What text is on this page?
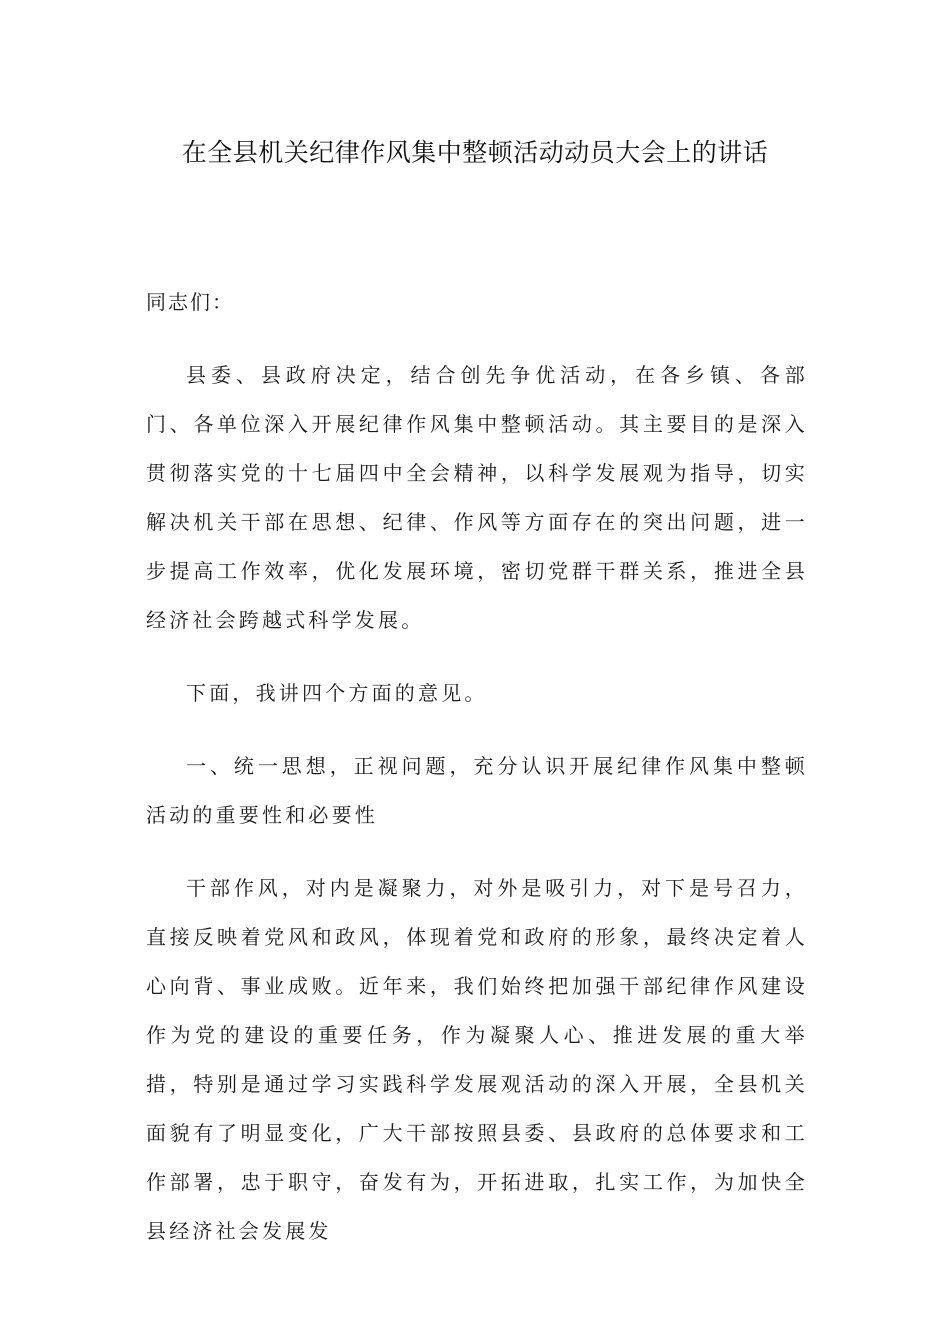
在全县机关纪律作风集中整顿活动动员大会上的讲话

同志们：

县委、县政府决定，结合创先争优活动，在各乡镇、各部门、各单位深入开展纪律作风集中整顿活动。其主要目的是深入贯彻落实党的十七届四中全会精神，以科学发展观为指导，切实解决机关干部在思想、纪律、作风等方面存在的突出问题，进一步提高工作效率，优化发展环境，密切党群干群关系，推进全县经济社会跨越式科学发展。

下面，我讲四个方面的意见。

一、统一思想，正视问题，充分认识开展纪律作风集中整顿活动的重要性和必要性

干部作风，对内是凝聚力，对外是吸引力，对下是号召力，直接反映着党风和政风，体现着党和政府的形象，最终决定着人心向背、事业成败。近年来，我们始终把加强干部纪律作风建设作为党的建设的重要任务，作为凝聚人心、推进发展的重大举措，特别是通过学习实践科学发展观活动的深入开展，全县机关面貌有了明显变化，广大干部按照县委、县政府的总体要求和工作部署，忠于职守，奋发有为，开拓进取，扎实工作，为加快全县经济社会发展发
